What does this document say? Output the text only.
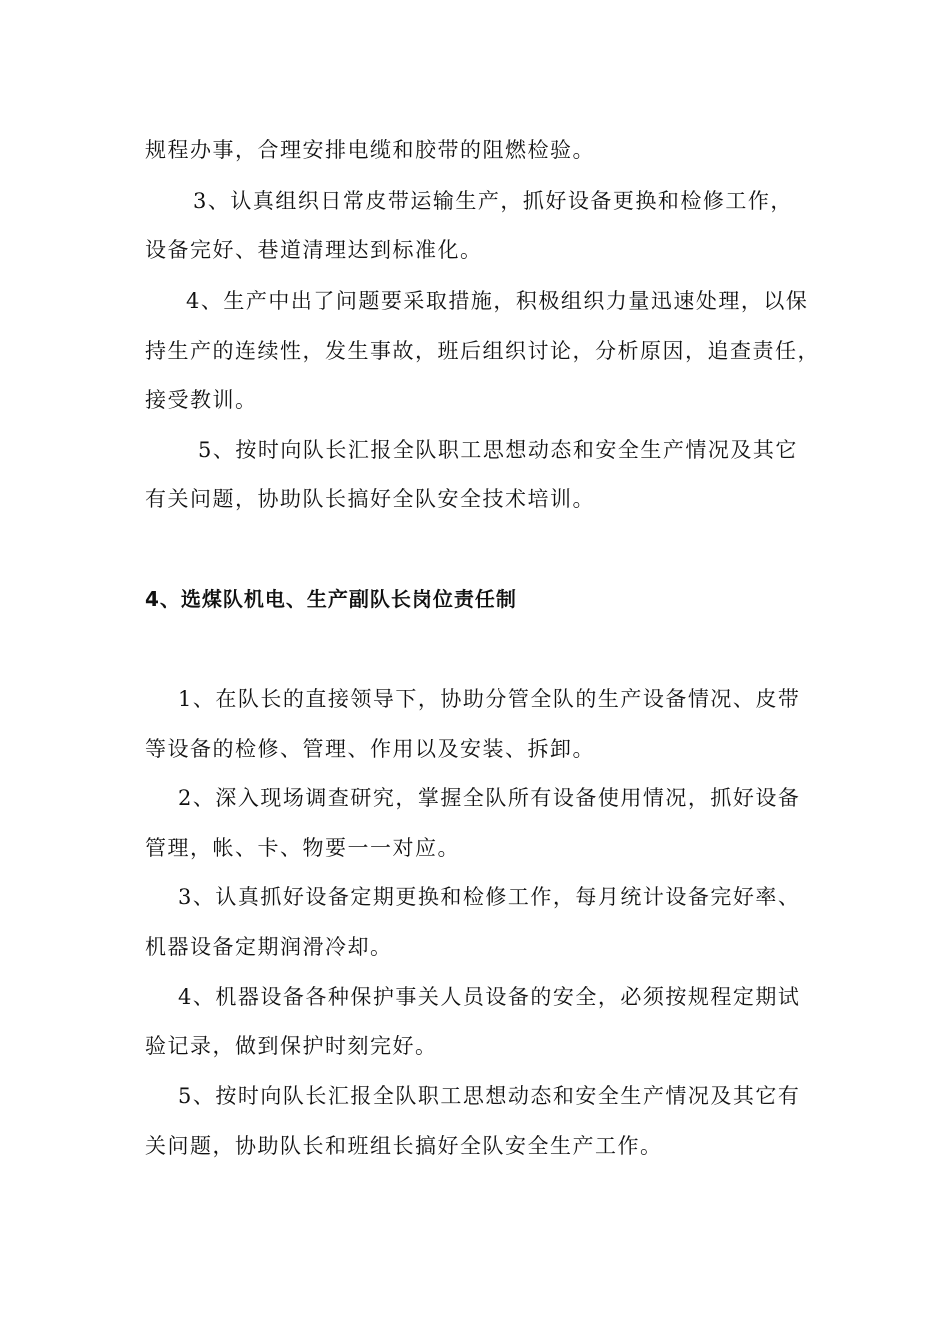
规程办事，合理安排电缆和胶带的阻燃检验。
3、认真组织日常皮带运输生产，抓好设备更换和检修工作，
设备完好、巷道清理达到标准化。
4、生产中出了问题要采取措施，积极组织力量迅速处理，以保
持生产的连续性，发生事故，班后组织讨论，分析原因，追查责任，
接受教训。
5、按时向队长汇报全队职工思想动态和安全生产情况及其它
有关问题，协助队长搞好全队安全技术培训。
4、选煤队机电、生产副队长岗位责任制
1、在队长的直接领导下，协助分管全队的生产设备情况、皮带
等设备的检修、管理、作用以及安装、拆卸。
2、深入现场调查研究，掌握全队所有设备使用情况，抓好设备
管理，帐、卡、物要一一对应。
3、认真抓好设备定期更换和检修工作，每月统计设备完好率、
机器设备定期润滑冷却。
4、机器设备各种保护事关人员设备的安全，必须按规程定期试
验记录，做到保护时刻完好。
5、按时向队长汇报全队职工思想动态和安全生产情况及其它有
关问题，协助队长和班组长搞好全队安全生产工作。
